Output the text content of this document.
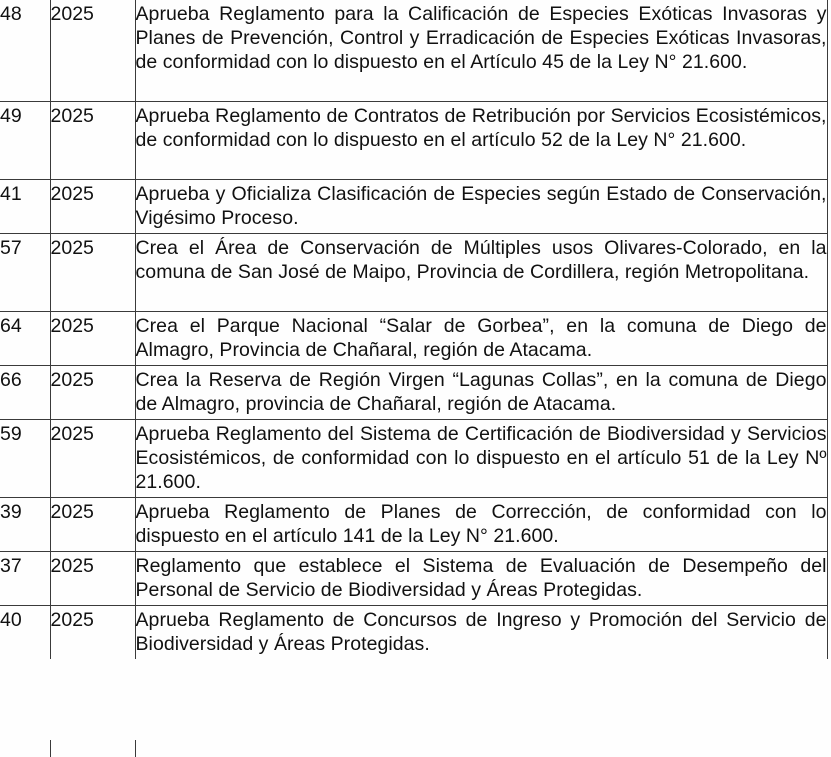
48	2025	Aprueba Reglamento para la Calificación de Especies Exóticas Invasoras y Planes de Prevención, Control y Erradicación de Especies Exóticas Invasoras, de conformidad con lo dispuesto en el Artículo 45 de la Ley N° 21.600.
49	2025	Aprueba Reglamento de Contratos de Retribución por Servicios Ecosistémicos, de conformidad con lo dispuesto en el artículo 52 de la Ley N° 21.600.
41	2025	Aprueba y Oficializa Clasificación de Especies según Estado de Conservación, Vigésimo Proceso.
57	2025	Crea el Área de Conservación de Múltiples usos Olivares-Colorado, en la comuna de San José de Maipo, Provincia de Cordillera, región Metropolitana.
64	2025	Crea el Parque Nacional “Salar de Gorbea”, en la comuna de Diego de Almagro, Provincia de Chañaral, región de Atacama.
66	2025	Crea la Reserva de Región Virgen “Lagunas Collas”, en la comuna de Diego de Almagro, provincia de Chañaral, región de Atacama.
59	2025	Aprueba Reglamento del Sistema de Certificación de Biodiversidad y Servicios Ecosistémicos, de conformidad con lo dispuesto en el artículo 51 de la Ley Nº 21.600.
39	2025	Aprueba Reglamento de Planes de Corrección, de conformidad con lo dispuesto en el artículo 141 de la Ley N° 21.600.
37	2025	Reglamento que establece el Sistema de Evaluación de Desempeño del Personal de Servicio de Biodiversidad y Áreas Protegidas.
40	2025	Aprueba Reglamento de Concursos de Ingreso y Promoción del Servicio de Biodiversidad y Áreas Protegidas.
